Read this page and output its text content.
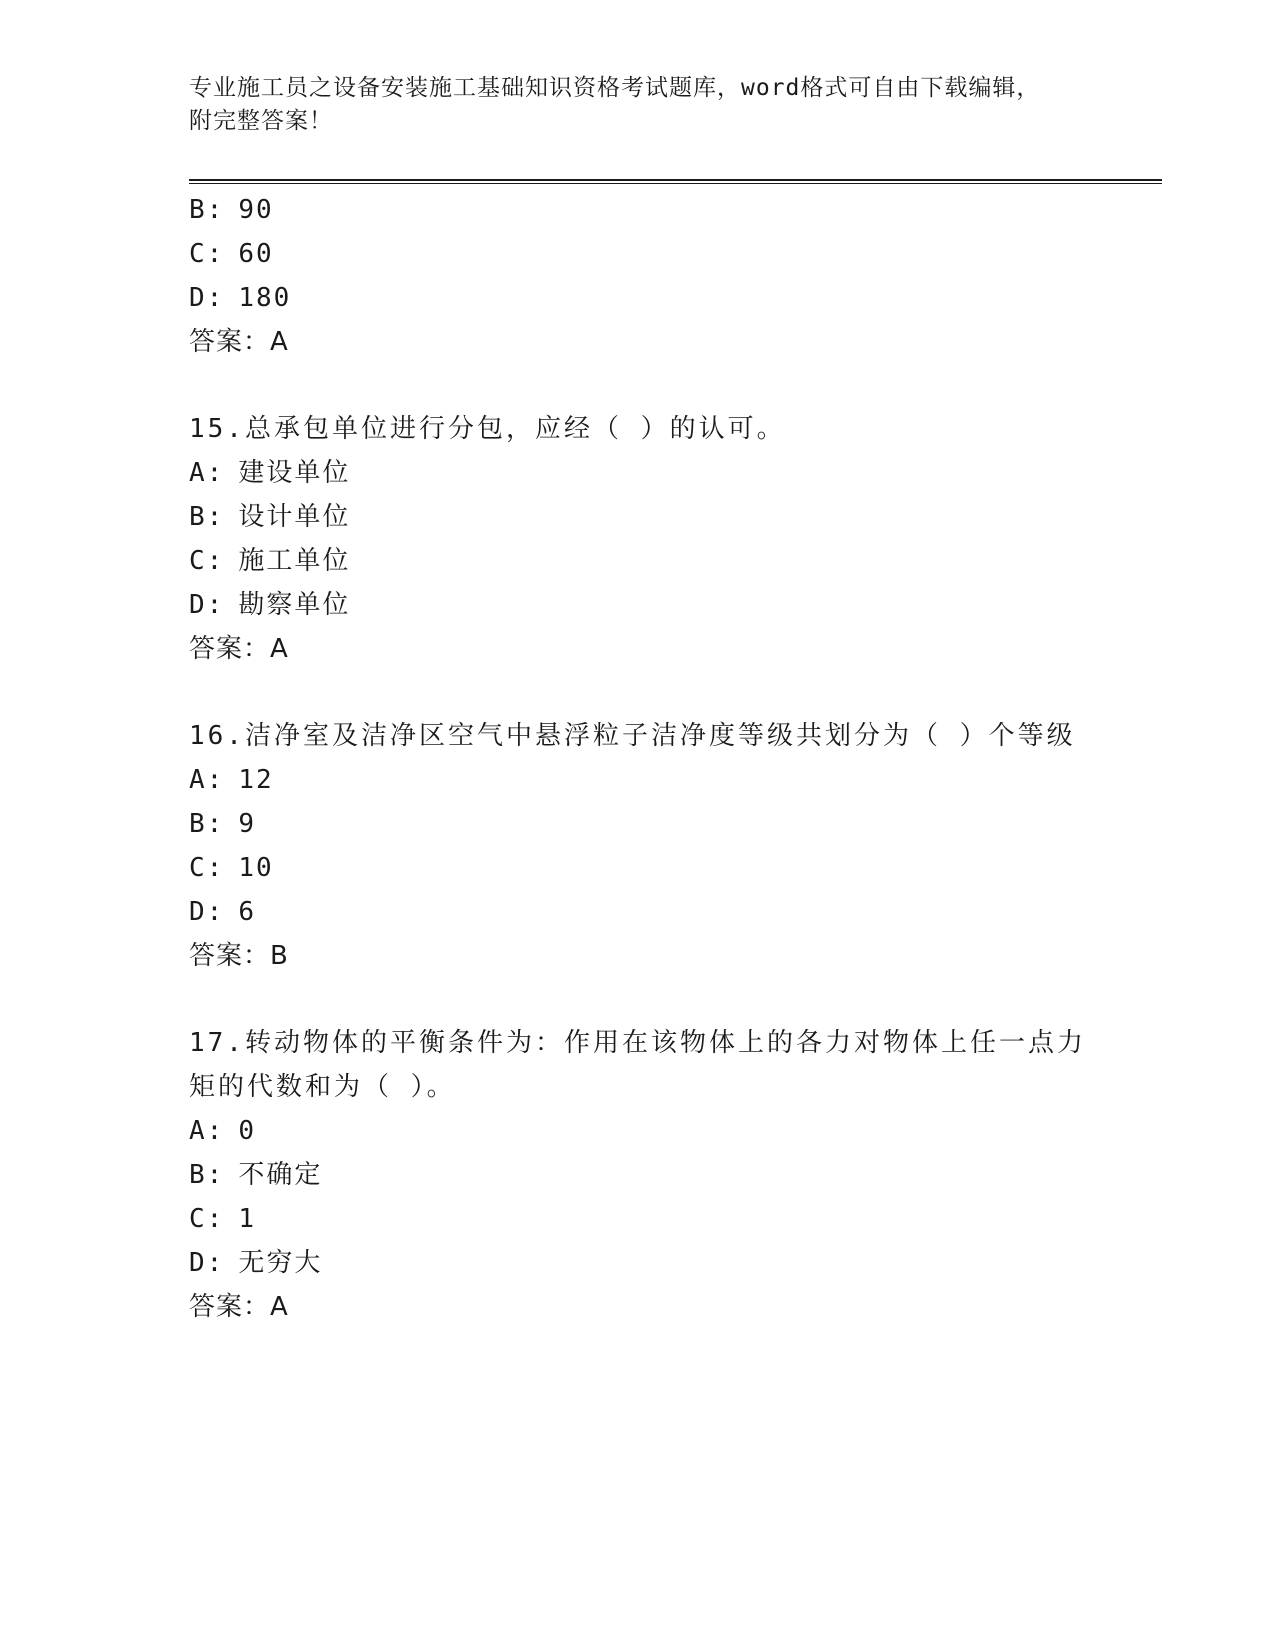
专业施工员之设备安装施工基础知识资格考试题库，word格式可自由下载编辑，
附完整答案！
B: 90
C: 60
D: 180
答案：A
15.总承包单位进行分包，应经（ ）的认可。
A: 建设单位
B: 设计单位
C: 施工单位
D: 勘察单位
答案：A
16.洁净室及洁净区空气中悬浮粒子洁净度等级共划分为（ ）个等级
A: 12
B: 9
C: 10
D: 6
答案：B
17.转动物体的平衡条件为：作用在该物体上的各力对物体上任一点力
矩的代数和为（ ）。
A: 0
B: 不确定
C: 1
D: 无穷大
答案：A
